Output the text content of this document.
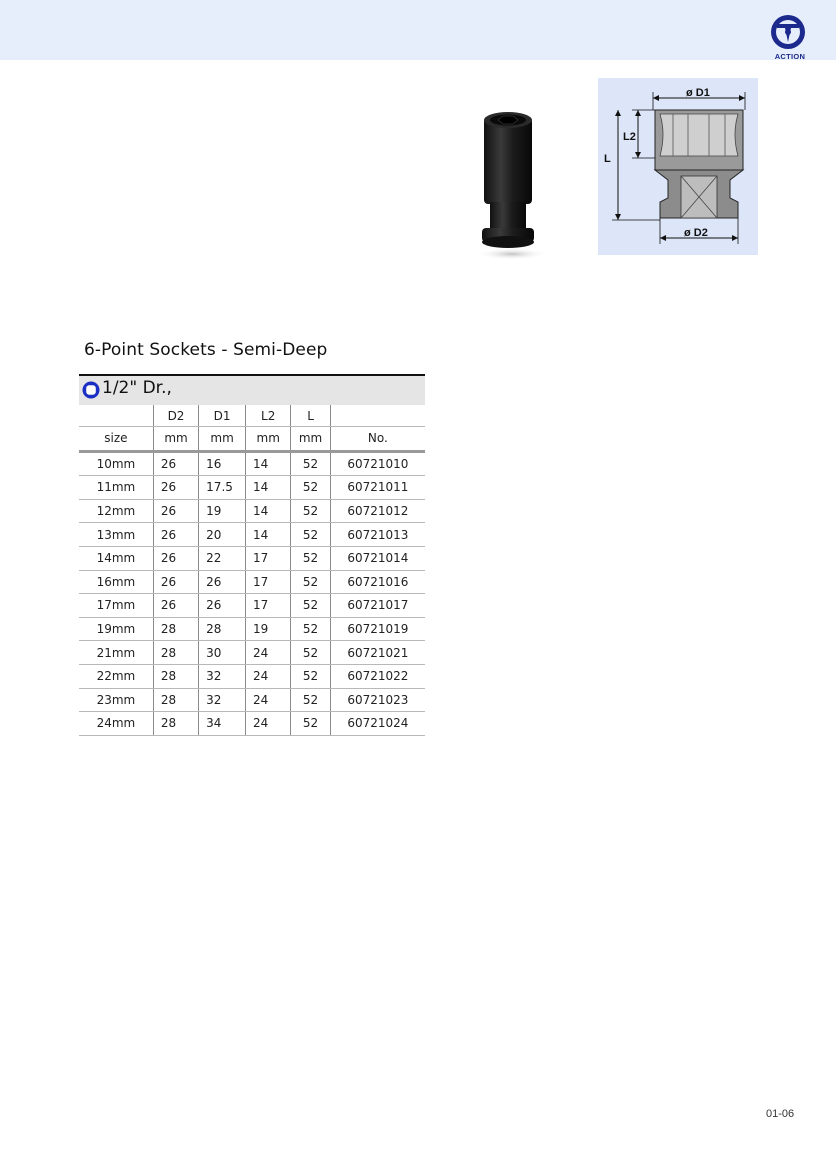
ACTION
ø D1
L2
L
ø D2
6-Point Sockets - Semi-Deep
1/2" Dr.,
	D2	D1	L2	L	
size	mm	mm	mm	mm	No.
10mm	26	16	14	52	60721010
11mm	26	17.5	14	52	60721011
12mm	26	19	14	52	60721012
13mm	26	20	14	52	60721013
14mm	26	22	17	52	60721014
16mm	26	26	17	52	60721016
17mm	26	26	17	52	60721017
19mm	28	28	19	52	60721019
21mm	28	30	24	52	60721021
22mm	28	32	24	52	60721022
23mm	28	32	24	52	60721023
24mm	28	34	24	52	60721024
01-06
